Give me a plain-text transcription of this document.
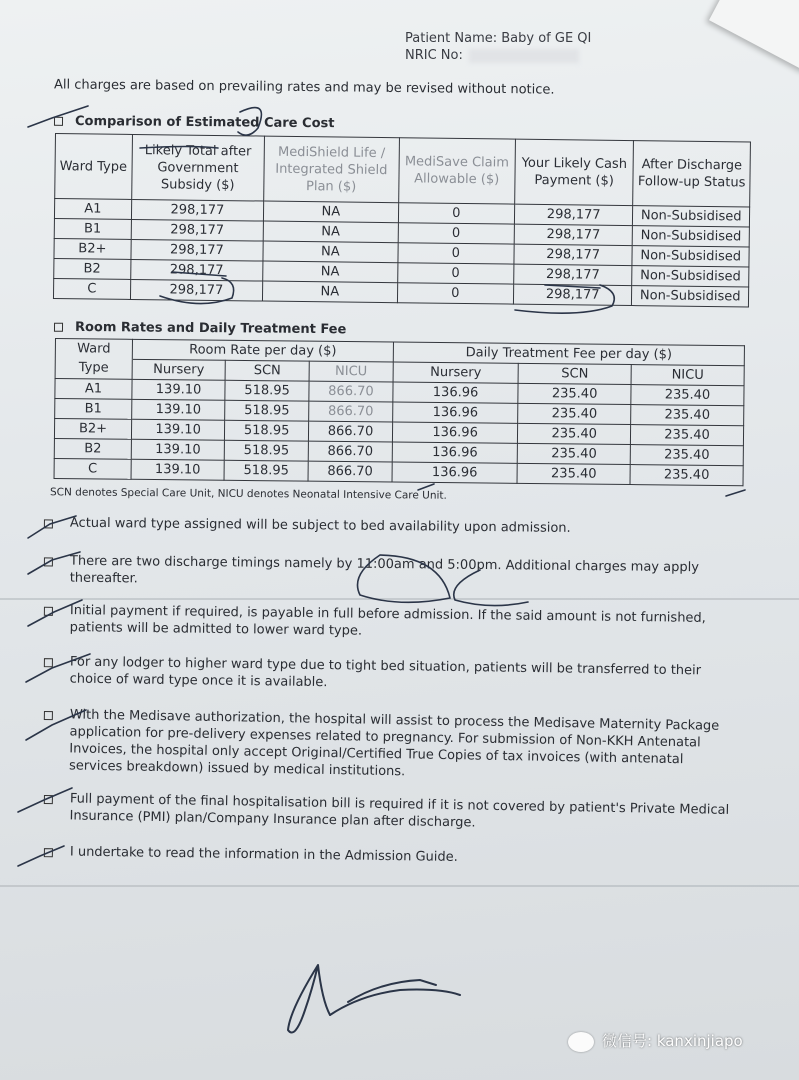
Patient Name: Baby of GE QI
NRIC No:
All charges are based on prevailing rates and may be revised without notice.
Comparison of Estimated Care Cost
Ward Type	Likely Total after Government Subsidy ($)	MediShield Life / Integrated Shield Plan ($)	MediSave Claim Allowable ($)	Your Likely Cash Payment ($)	After Discharge Follow-up Status
A1	298,177	NA	0	298,177	Non-Subsidised
B1	298,177	NA	0	298,177	Non-Subsidised
B2+	298,177	NA	0	298,177	Non-Subsidised
B2	298,177	NA	0	298,177	Non-Subsidised
C	298,177	NA	0	298,177	Non-Subsidised
Room Rates and Daily Treatment Fee
Ward	Room Rate per day ($)			Daily Treatment Fee per day ($)		
Type	Nursery	SCN	NICU	Nursery	SCN	NICU
A1	139.10	518.95	866.70	136.96	235.40	235.40
B1	139.10	518.95	866.70	136.96	235.40	235.40
B2+	139.10	518.95	866.70	136.96	235.40	235.40
B2	139.10	518.95	866.70	136.96	235.40	235.40
C	139.10	518.95	866.70	136.96	235.40	235.40
SCN denotes Special Care Unit, NICU denotes Neonatal Intensive Care Unit.
Actual ward type assigned will be subject to bed availability upon admission.
There are two discharge timings namely by 11:00am and 5:00pm. Additional charges may apply thereafter.
Initial payment if required, is payable in full before admission. If the said amount is not furnished, patients will be admitted to lower ward type.
For any lodger to higher ward type due to tight bed situation, patients will be transferred to their choice of ward type once it is available.
With the Medisave authorization, the hospital will assist to process the Medisave Maternity Package application for pre-delivery expenses related to pregnancy. For submission of Non-KKH Antenatal Invoices, the hospital only accept Original/Certified True Copies of tax invoices (with antenatal services breakdown) issued by medical institutions.
Full payment of the final hospitalisation bill is required if it is not covered by patient's Private Medical Insurance (PMI) plan/Company Insurance plan after discharge.
I undertake to read the information in the Admission Guide.
微信号: kanxinjiapo
